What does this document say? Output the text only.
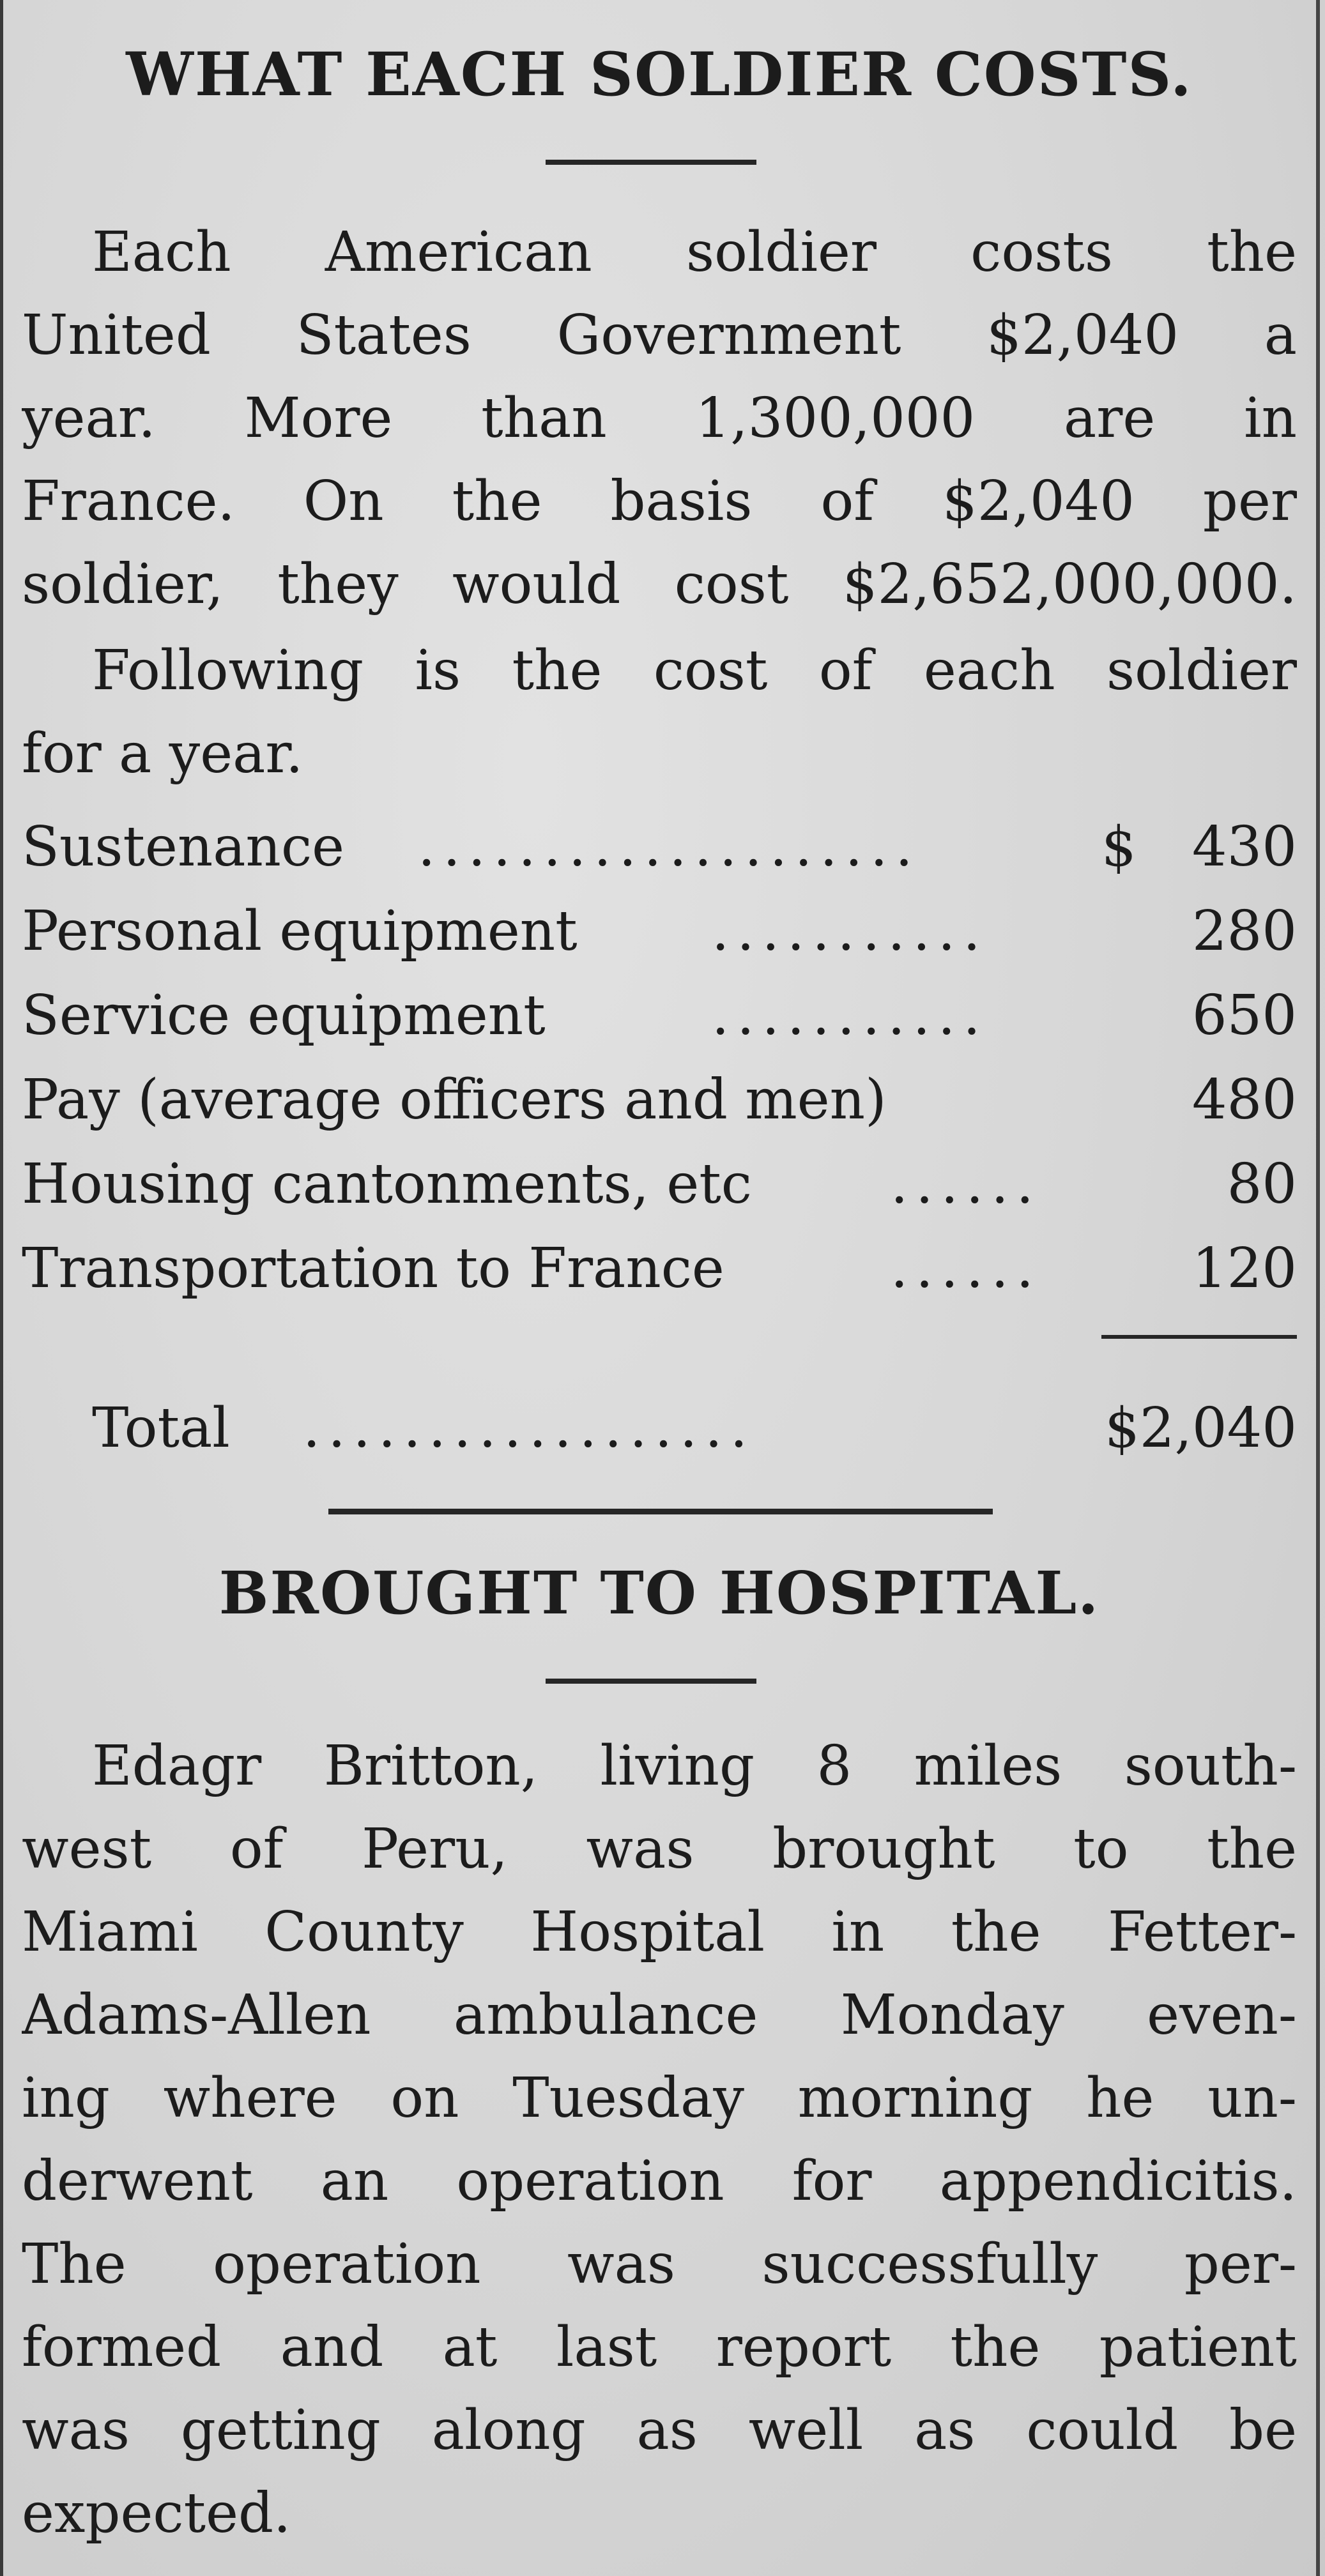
WHAT EACH SOLDIER COSTS.
Each American soldier costs the
United States Government $2,040 a
year. More than 1,300,000 are in
France. On the basis of $2,040 per
soldier, they would cost $2,652,000,000.
Following is the cost of each soldier
for a year.
Sustenance ....................	$ 430
Personal equipment ...........	280
Service equipment	...........	650
Pay (average officers and men)	480
Housing cantonments, etc	......	80
Transportation to France	......	120
Total ..................	$2,040
BROUGHT TO HOSPITAL.
Edagr Britton, living 8 miles south-
west of Peru, was brought to the
Miami County Hospital in the Fetter-
Adams-Allen ambulance Monday even-
ing where on Tuesday morning he un-
derwent an operation for appendicitis.
The operation was successfully per-
formed and at last report the patient
was getting along as well as could be
expected.
